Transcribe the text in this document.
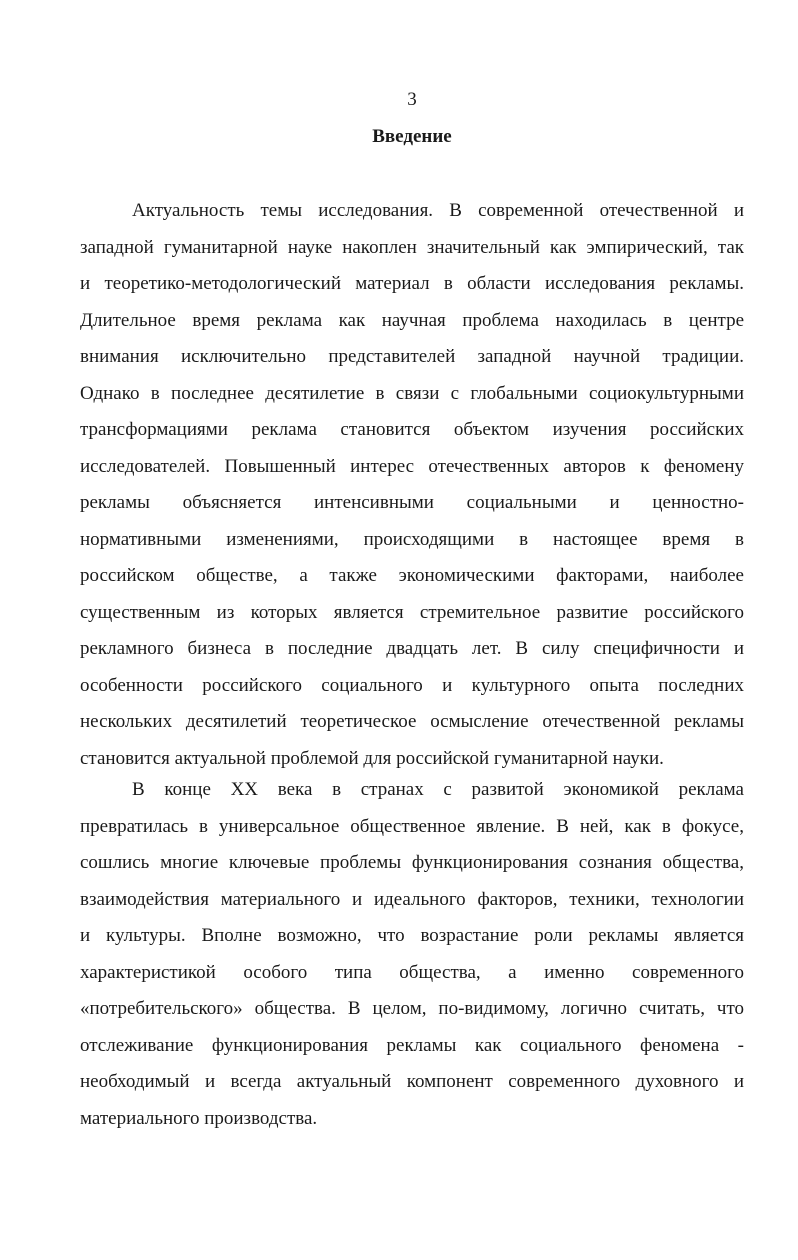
3
Введение
Актуальность темы исследования. В современной отечественной и
западной гуманитарной науке накоплен значительный как эмпирический, так
и теоретико-методологический материал в области исследования рекламы.
Длительное время реклама как научная проблема находилась в центре
внимания исключительно представителей западной научной традиции.
Однако в последнее десятилетие в связи с глобальными социокультурными
трансформациями реклама становится объектом изучения российских
исследователей. Повышенный интерес отечественных авторов к феномену
рекламы объясняется интенсивными социальными и ценностно-
нормативными изменениями, происходящими в настоящее время в
российском обществе, а также экономическими факторами, наиболее
существенным из которых является стремительное развитие российского
рекламного бизнеса в последние двадцать лет. В силу специфичности и
особенности российского социального и культурного опыта последних
нескольких десятилетий теоретическое осмысление отечественной рекламы
становится актуальной проблемой для российской гуманитарной науки.
В конце XX века в странах с развитой экономикой реклама
превратилась в универсальное общественное явление. В ней, как в фокусе,
сошлись многие ключевые проблемы функционирования сознания общества,
взаимодействия материального и идеального факторов, техники, технологии
и культуры. Вполне возможно, что возрастание роли рекламы является
характеристикой особого типа общества, а именно современного
«потребительского» общества. В целом, по-видимому, логично считать, что
отслеживание функционирования рекламы как социального феномена -
необходимый и всегда актуальный компонент современного духовного и
материального производства.
